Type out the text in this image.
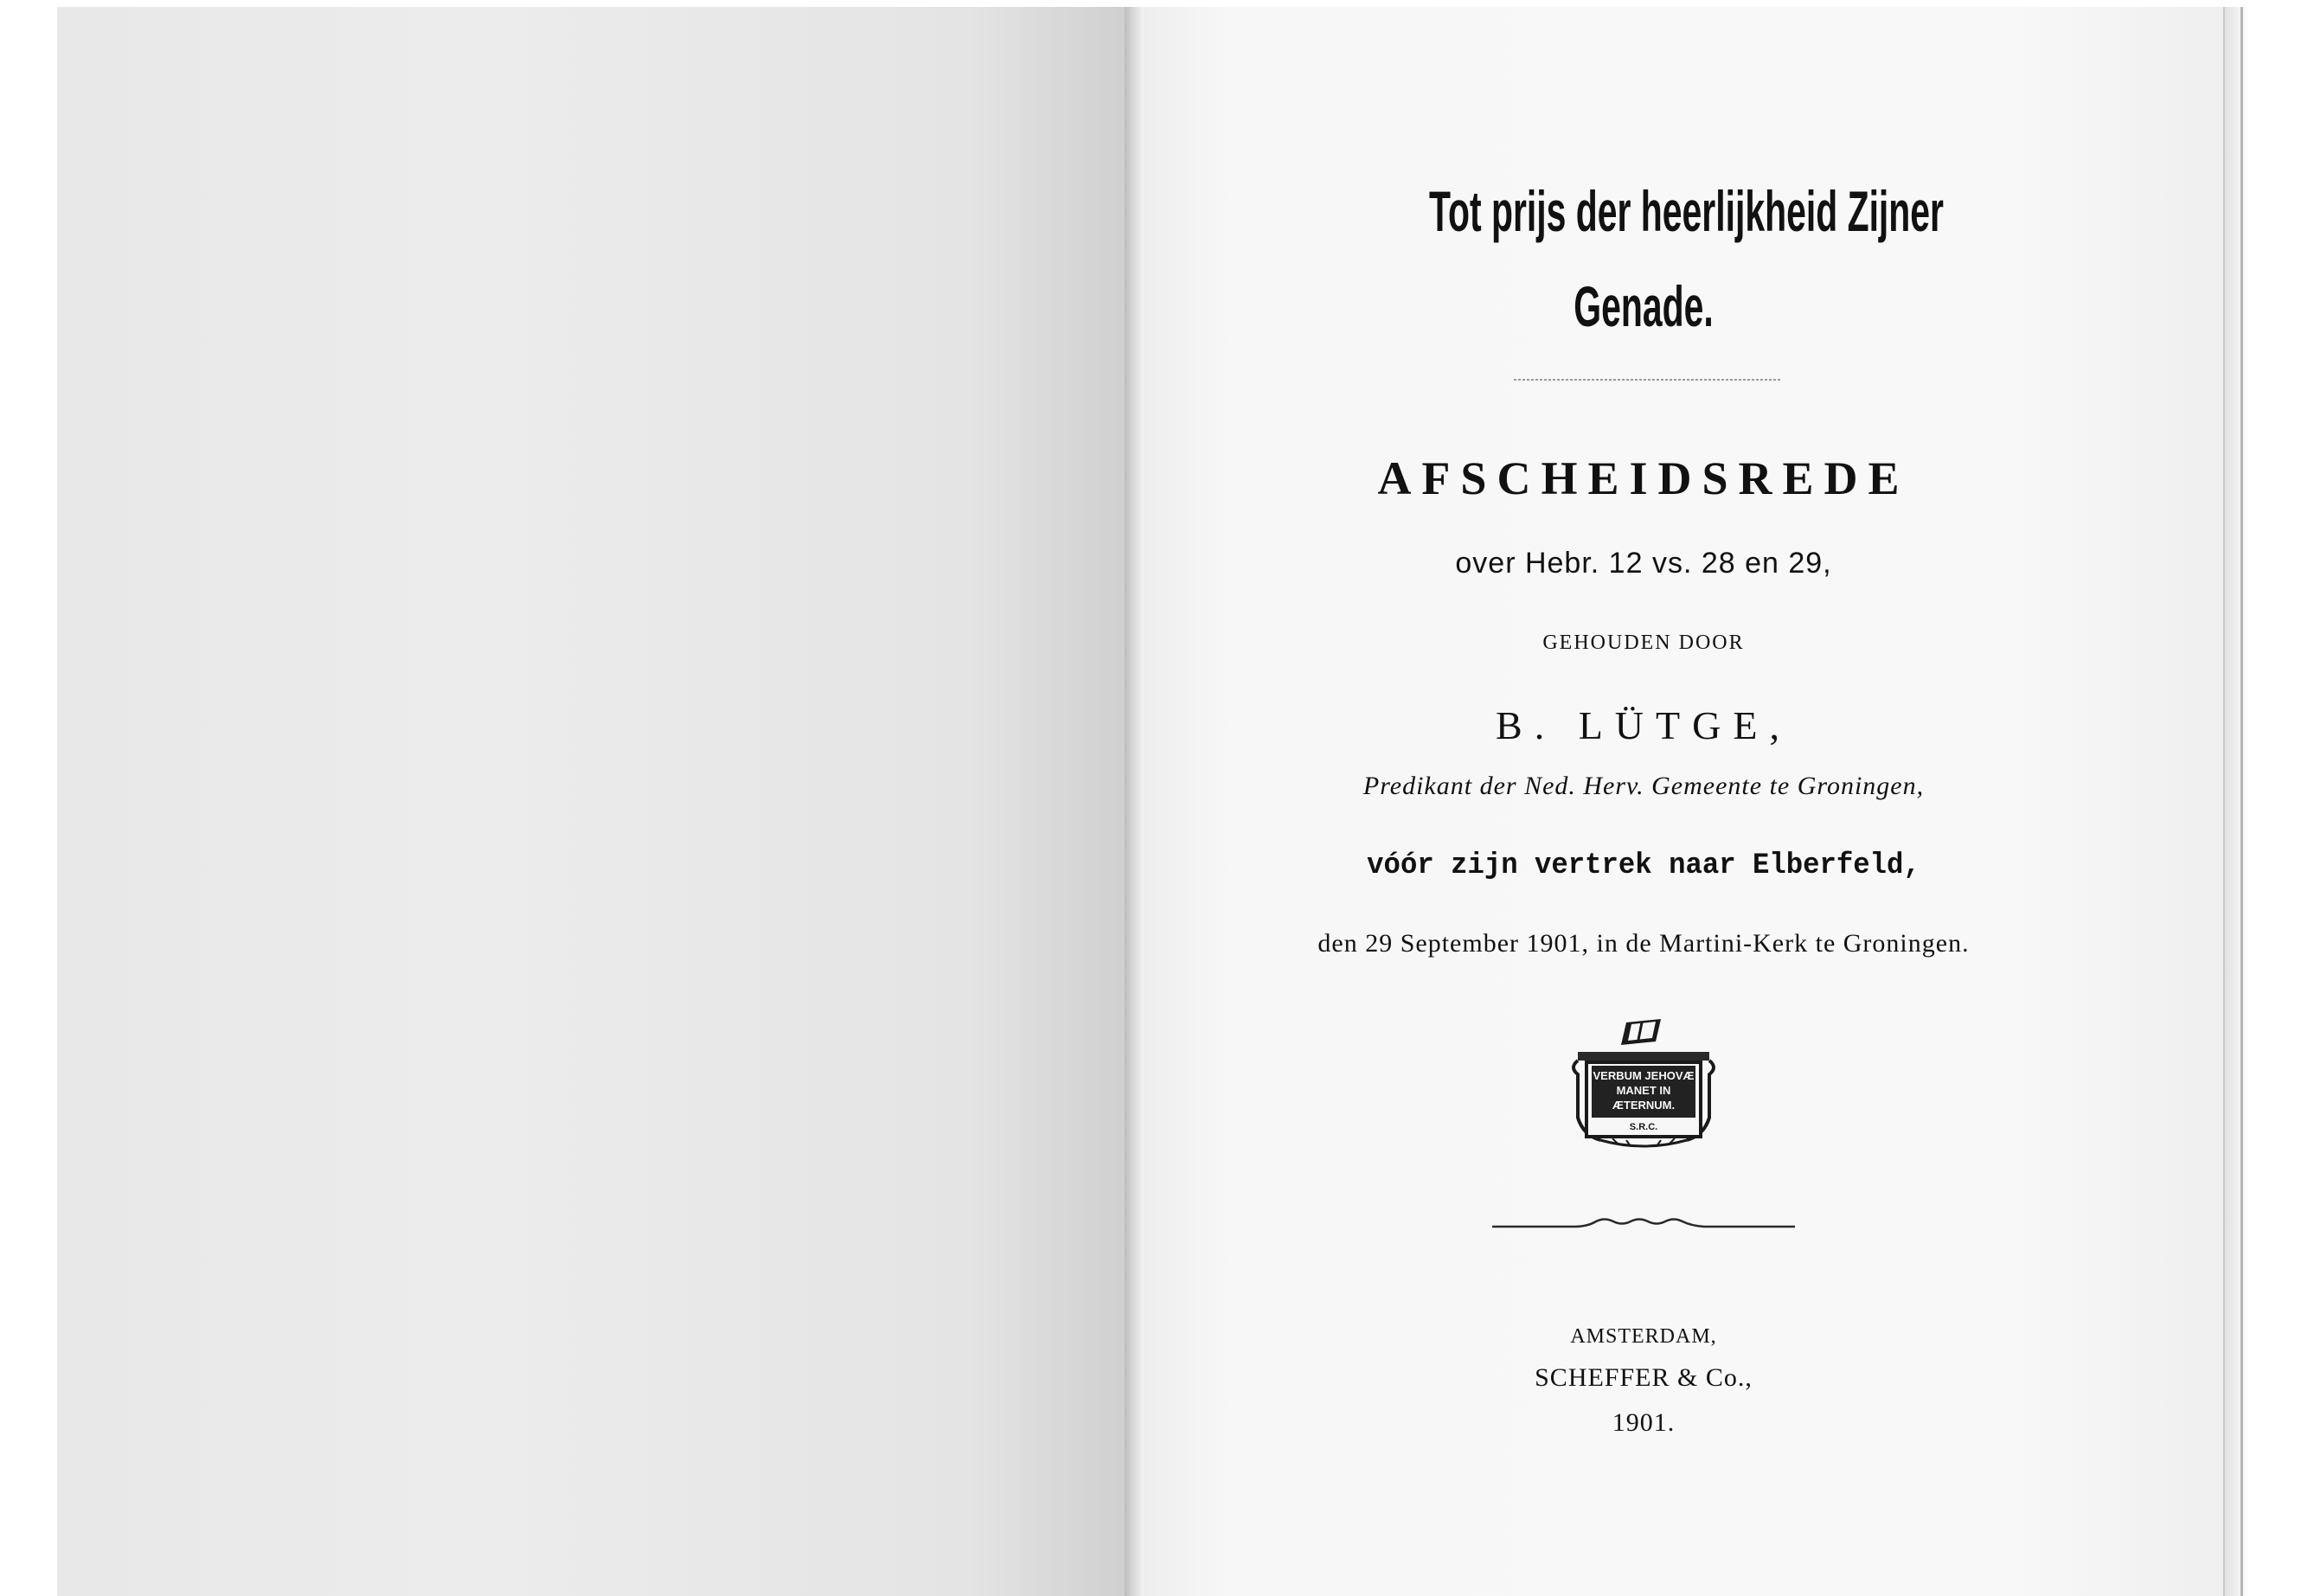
Tot prijs der heerlijkheid Zijner
Genade.
AFSCHEIDSREDE
over Hebr. 12 vs. 28 en 29,
GEHOUDEN DOOR
B. LÜTGE,
Predikant der Ned. Herv. Gemeente te Groningen,
vóór zijn vertrek naar Elberfeld,
den 29 September 1901, in de Martini-Kerk te Groningen.
VERBUM JEHOVÆ
MANET IN
ÆTERNUM.
S.R.C.
AMSTERDAM,
SCHEFFER & Co.,
1901.
